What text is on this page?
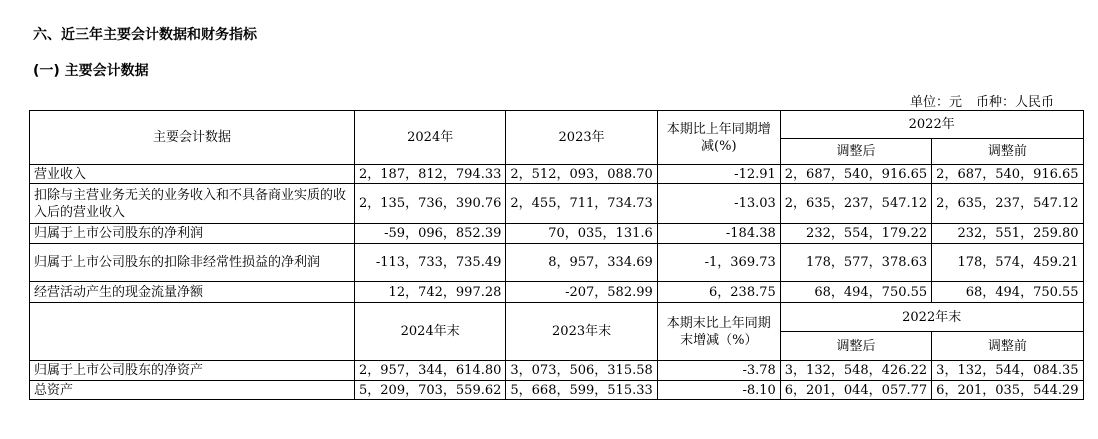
六、近三年主要会计数据和财务指标
(一) 主要会计数据
单位：元 币种：人民币
主要会计数据	2024年	2023年	本期比上年同期增减(%)	2022年	
				调整后	调整前
营业收入	2，187，812，794.33	2，512，093，088.70	-12.91	2，687，540，916.65	2，687，540，916.65
扣除与主营业务无关的业务收入和不具备商业实质的收入后的营业收入	2，135，736，390.76	2，455，711，734.73	-13.03	2，635，237，547.12	2，635，237，547.12
归属于上市公司股东的净利润	-59，096，852.39	70，035，131.6	-184.38	232，554，179.22	232，551，259.80
归属于上市公司股东的扣除非经常性损益的净利润	-113，733，735.49	8，957，334.69	-1，369.73	178，577，378.63	178，574，459.21
经营活动产生的现金流量净额	12，742，997.28	-207，582.99	6，238.75	68，494，750.55	68，494，750.55
	2024年末	2023年末	本期末比上年同期末增减（%）	2022年末	
				调整后	调整前
归属于上市公司股东的净资产	2，957，344，614.80	3，073，506，315.58	-3.78	3，132，548，426.22	3，132，544，084.35
总资产	5，209，703，559.62	5，668，599，515.33	-8.10	6，201，044，057.77	6，201，035，544.29
